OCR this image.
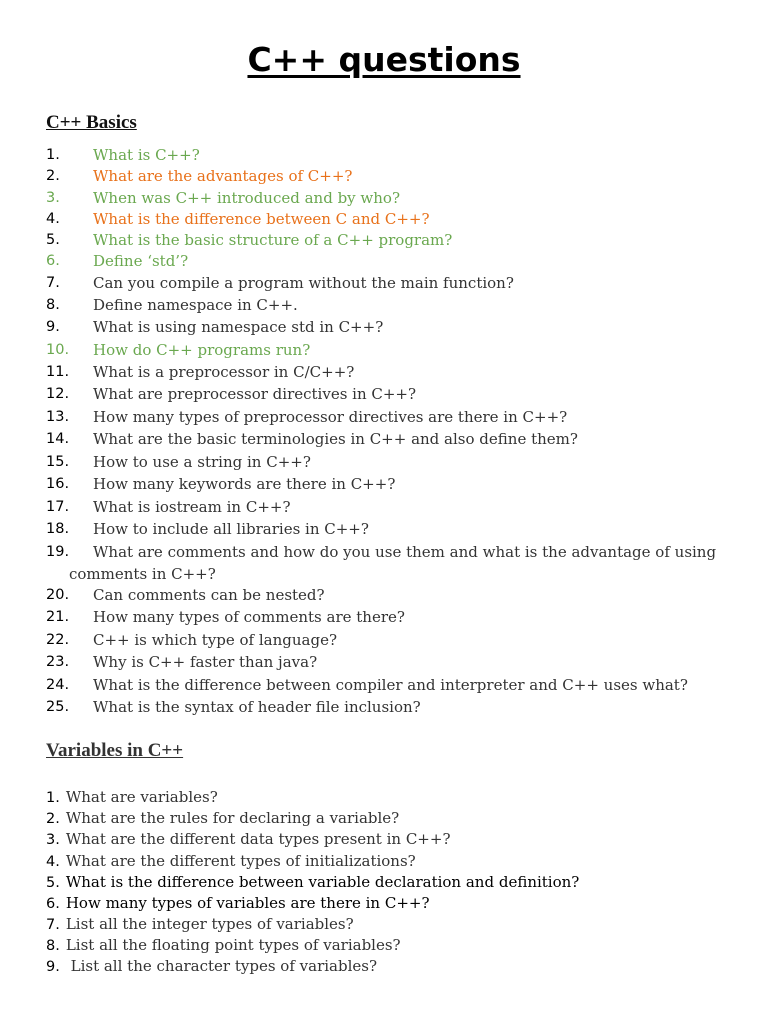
C++ questions
C++ Basics
1. What is C++?
2. What are the advantages of C++?
3. When was C++ introduced and by who?
4. What is the difference between C and C++?
5. What is the basic structure of a C++ program?
6. Define ‘std’?
7. Can you compile a program without the main function?
8. Define namespace in C++.
9. What is using namespace std in C++?
10. How do C++ programs run?
11. What is a preprocessor in C/C++?
12. What are preprocessor directives in C++?
13. How many types of preprocessor directives are there in C++?
14. What are the basic terminologies in C++ and also define them?
15. How to use a string in C++?
16. How many keywords are there in C++?
17. What is iostream in C++?
18. How to include all libraries in C++?
19. What are comments and how do you use them and what is the advantage of using
comments in C++?
20. Can comments can be nested?
21. How many types of comments are there?
22. C++ is which type of language?
23. Why is C++ faster than java?
24. What is the difference between compiler and interpreter and C++ uses what?
25. What is the syntax of header file inclusion?
Variables in C++
1. What are variables?
2. What are the rules for declaring a variable?
3. What are the different data types present in C++?
4. What are the different types of initializations?
5. What is the difference between variable declaration and definition?
6. How many types of variables are there in C++?
7. List all the integer types of variables?
8. List all the floating point types of variables?
9. List all the character types of variables?
